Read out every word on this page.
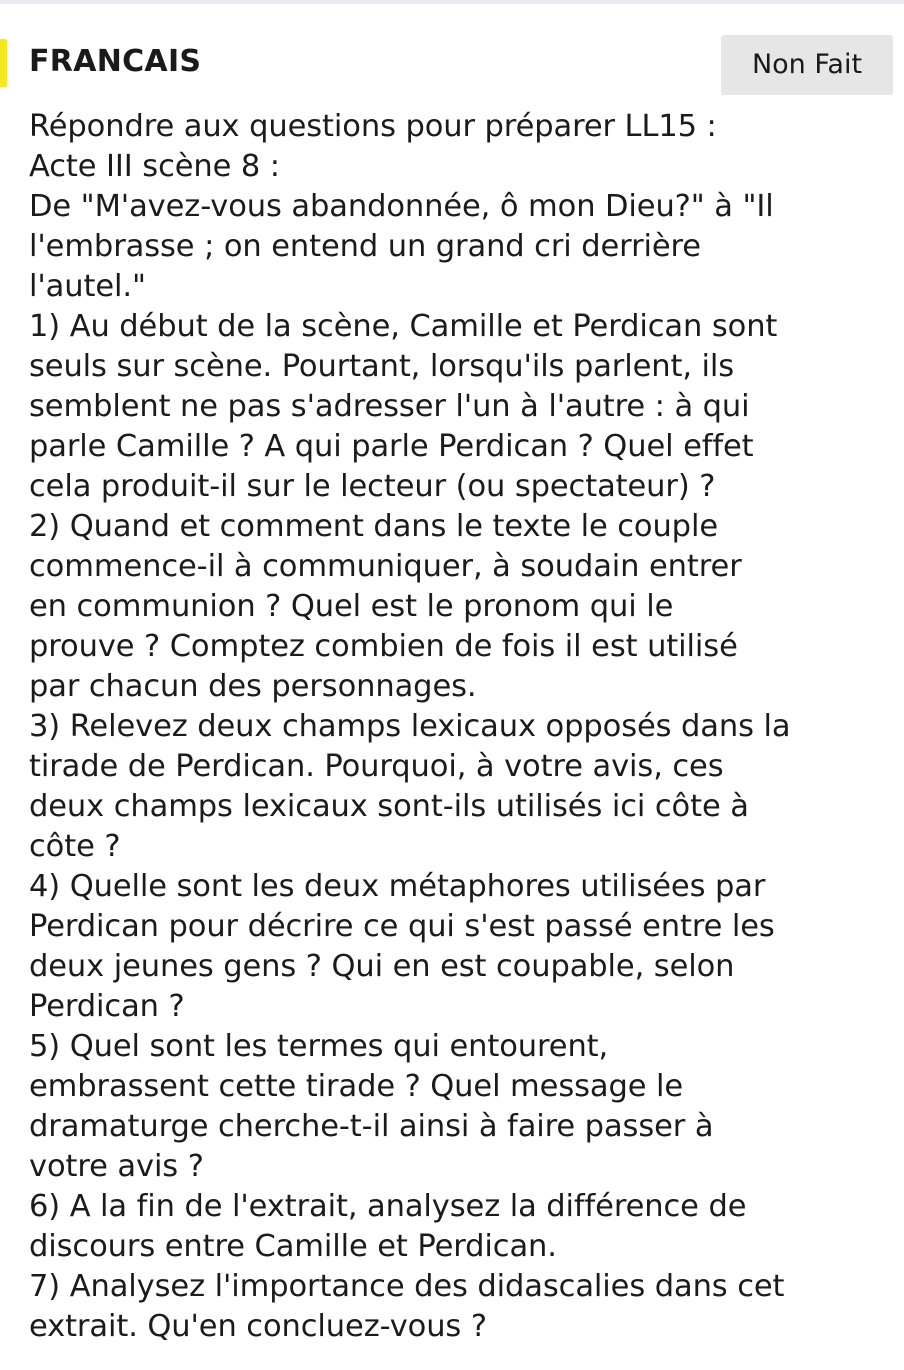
FRANCAIS	Non Fait

Répondre aux questions pour préparer LL15 :

Acte III scène 8 :

De "M'avez-vous abandonnée, ô mon Dieu?" à "Il

l'embrasse ; on entend un grand cri derrière

l'autel."

1) Au début de la scène, Camille et Perdican sont

seuls sur scène. Pourtant, lorsqu'ils parlent, ils

semblent ne pas s'adresser l'un à l'autre : à qui

parle Camille ? A qui parle Perdican ? Quel effet

cela produit-il sur le lecteur (ou spectateur) ?

2) Quand et comment dans le texte le couple

commence-il à communiquer, à soudain entrer

en communion ? Quel est le pronom qui le

prouve ? Comptez combien de fois il est utilisé

par chacun des personnages.

3) Relevez deux champs lexicaux opposés dans la

tirade de Perdican. Pourquoi, à votre avis, ces

deux champs lexicaux sont-ils utilisés ici côte à

côte ?

4) Quelle sont les deux métaphores utilisées par

Perdican pour décrire ce qui s'est passé entre les

deux jeunes gens ? Qui en est coupable, selon

Perdican ?

5) Quel sont les termes qui entourent,

embrassent cette tirade ? Quel message le

dramaturge cherche-t-il ainsi à faire passer à

votre avis ?

6) A la fin de l'extrait, analysez la différence de

discours entre Camille et Perdican.

7) Analysez l'importance des didascalies dans cet

extrait. Qu'en concluez-vous ?
